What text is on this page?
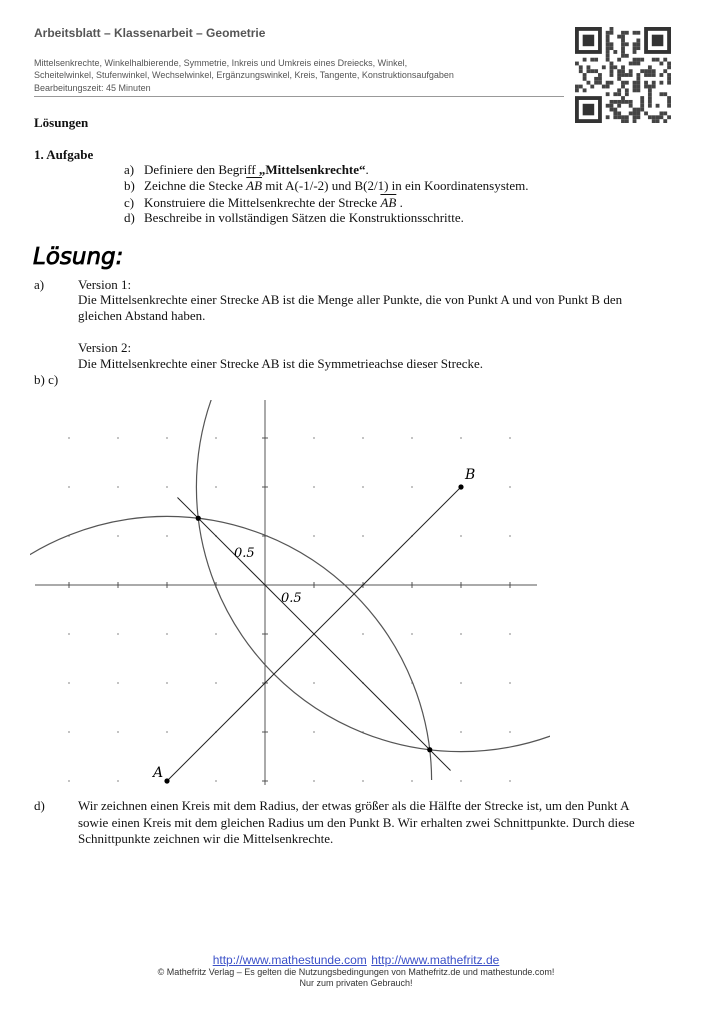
Arbeitsblatt – Klassenarbeit – Geometrie
Mittelsenkrechte, Winkelhalbierende, Symmetrie, Inkreis und Umkreis eines Dreiecks, Winkel,
Scheitelwinkel, Stufenwinkel, Wechselwinkel, Ergänzungswinkel, Kreis, Tangente, Konstruktionsaufgaben
Bearbeitungszeit: 45 Minuten
Lösungen
1. Aufgabe
a) Definiere den Begriff „Mittelsenkrechte“.
b) Zeichne die Stecke $\overline{AB}$ mit A(-1/-2) und B(2/1) in ein Koordinatensystem.
c) Konstruiere die Mittelsenkrechte der Strecke $\overline{AB}$ .
d) Beschreibe in vollständigen Sätzen die Konstruktionsschritte.
Lösung:
a)	Version 1:
Die Mittelsenkrechte einer Strecke AB ist die Menge aller Punkte, die von Punkt A und von Punkt B den
gleichen Abstand haben.
Version 2:
Die Mittelsenkrechte einer Strecke AB ist die Symmetrieachse dieser Strecke.
b) c)
A
B
0.5
0.5
d)	Wir zeichnen einen Kreis mit dem Radius, der etwas größer als die Hälfte der Strecke ist, um den Punkt A
sowie einen Kreis mit dem gleichen Radius um den Punkt B. Wir erhalten zwei Schnittpunkte. Durch diese
Schnittpunkte zeichnen wir die Mittelsenkrechte.
http://www.mathestunde.com http://www.mathefritz.de
© Mathefritz Verlag – Es gelten die Nutzungsbedingungen von Mathefritz.de und mathestunde.com!
Nur zum privaten Gebrauch!
